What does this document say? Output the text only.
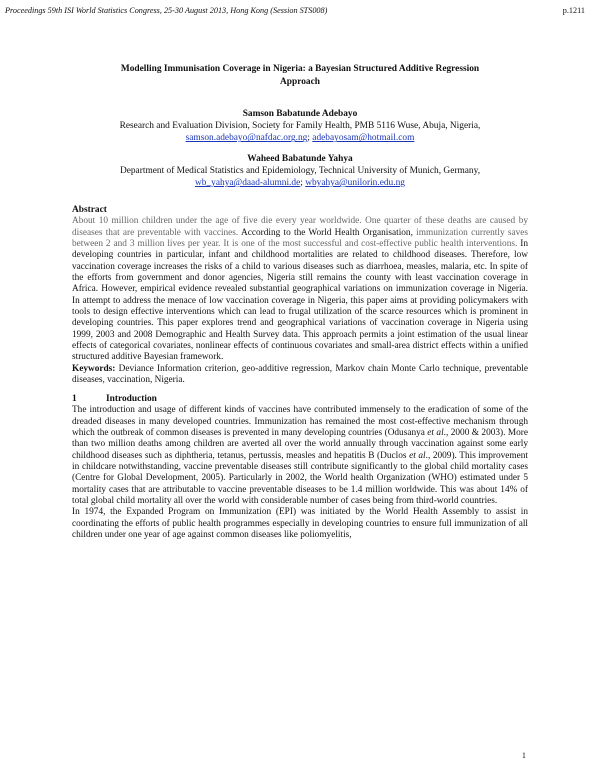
Proceedings 59th ISI World Statistics Congress, 25-30 August 2013, Hong Kong (Session STS008)	p.1211
Modelling Immunisation Coverage in Nigeria: a Bayesian Structured Additive Regression Approach
Samson Babatunde Adebayo
Research and Evaluation Division, Society for Family Health, PMB 5116 Wuse, Abuja, Nigeria,
samson.adebayo@nafdac.org.ng; adebayosam@hotmail.com
Waheed Babatunde Yahya
Department of Medical Statistics and Epidemiology, Technical University of Munich, Germany,
wb_yahya@daad-alumni.de; wbyahya@unilorin.edu.ng
Abstract

About 10 million children under the age of five die every year worldwide. One quarter of these deaths are caused by diseases that are preventable with vaccines. According to the World Health Organisation, immunization currently saves between 2 and 3 million lives per year. It is one of the most successful and cost-effective public health interventions. In developing countries in particular, infant and childhood mortalities are related to childhood diseases. Therefore, low vaccination coverage increases the risks of a child to various diseases such as diarrhoea, measles, malaria, etc. In spite of the efforts from government and donor agencies, Nigeria still remains the county with least vaccination coverage in Africa. However, empirical evidence revealed substantial geographical variations on immunization coverage in Nigeria. In attempt to address the menace of low vaccination coverage in Nigeria, this paper aims at providing policymakers with tools to design effective interventions which can lead to frugal utilization of the scarce resources which is prominent in developing countries. This paper explores trend and geographical variations of vaccination coverage in Nigeria using 1999, 2003 and 2008 Demographic and Health Survey data. This approach permits a joint estimation of the usual linear effects of categorical covariates, nonlinear effects of continuous covariates and small-area district effects within a unified structured additive Bayesian framework.

Keywords: Deviance Information criterion, geo-additive regression, Markov chain Monte Carlo technique, preventable diseases, vaccination, Nigeria.

1	Introduction

The introduction and usage of different kinds of vaccines have contributed immensely to the eradication of some of the dreaded diseases in many developed countries. Immunization has remained the most cost-effective mechanism through which the outbreak of common diseases is prevented in many developing countries (Odusanya et al., 2000 & 2003). More than two million deaths among children are averted all over the world annually through vaccination against some early childhood diseases such as diphtheria, tetanus, pertussis, measles and hepatitis B (Duclos et al., 2009). This improvement in childcare notwithstanding, vaccine preventable diseases still contribute significantly to the global child mortality cases (Centre for Global Development, 2005). Particularly in 2002, the World health Organization (WHO) estimated under 5 mortality cases that are attributable to vaccine preventable diseases to be 1.4 million worldwide. This was about 14% of total global child mortality all over the world with considerable number of cases being from third-world countries.

In 1974, the Expanded Program on Immunization (EPI) was initiated by the World Health Assembly to assist in coordinating the efforts of public health programmes especially in developing countries to ensure full immunization of all children under one year of age against common diseases like poliomyelitis,

1
